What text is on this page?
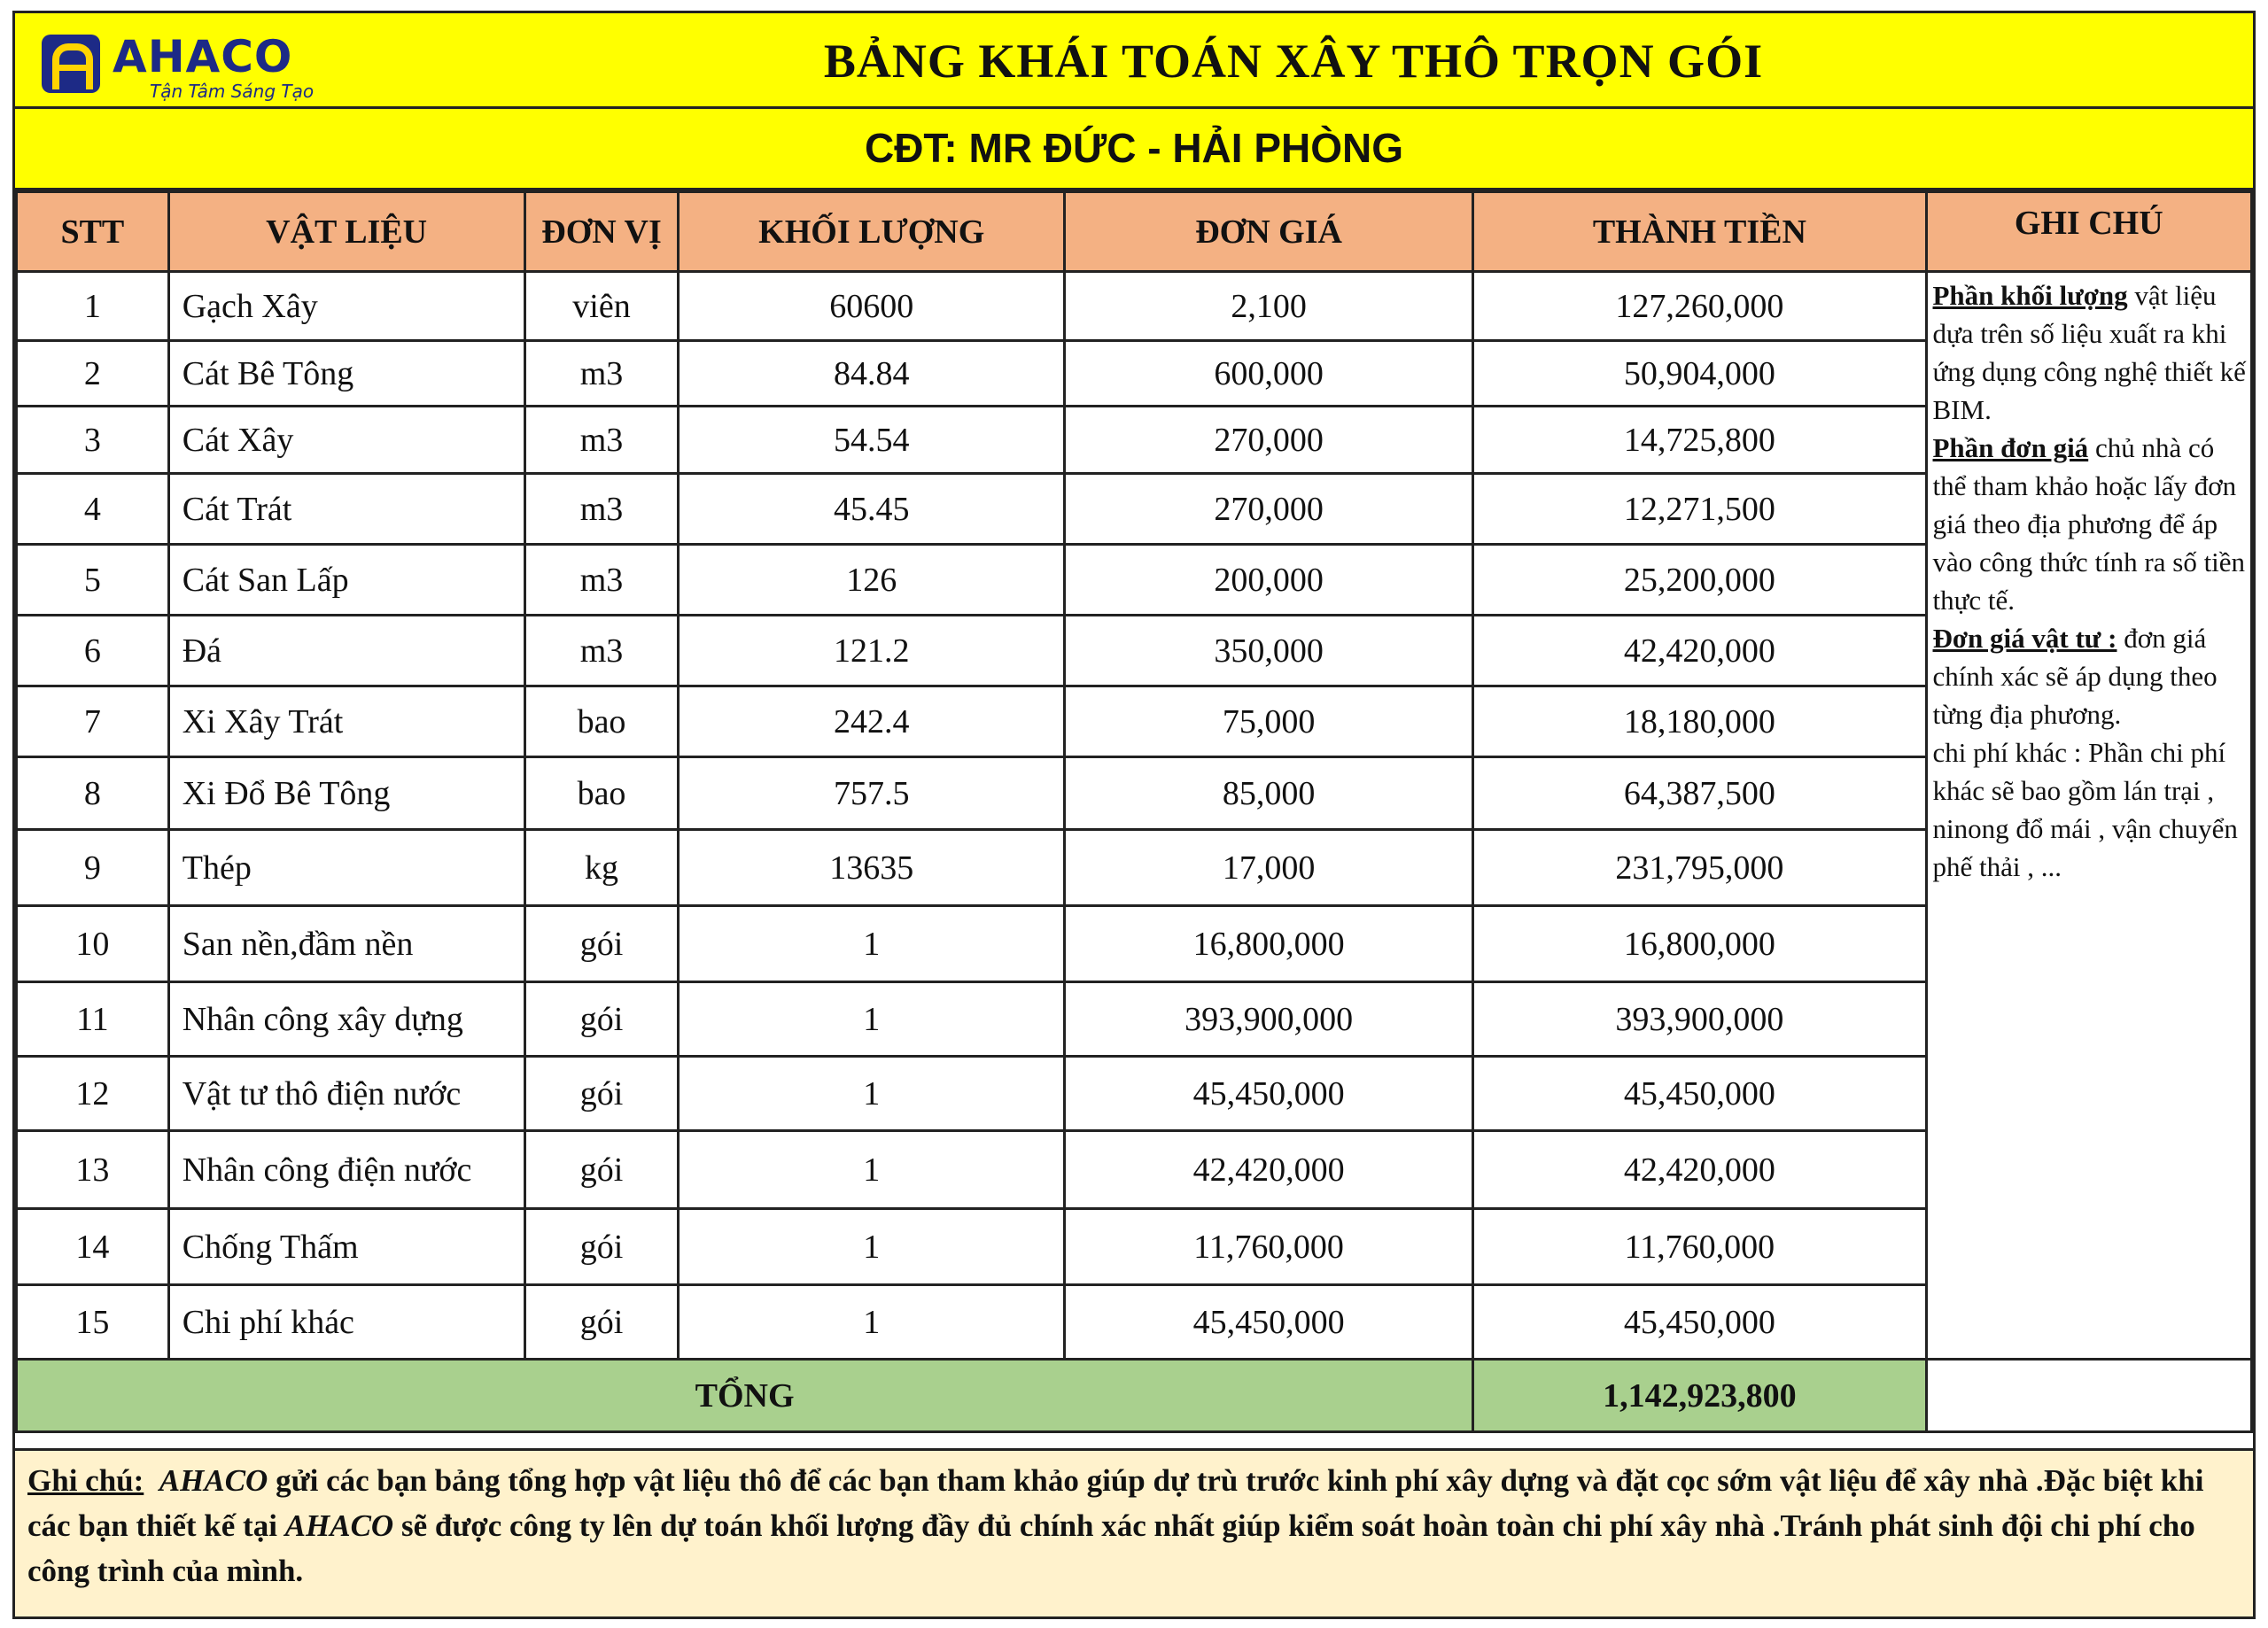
AHACO
Tận Tâm Sáng Tạo
BẢNG KHÁI TOÁN XÂY THÔ TRỌN GÓI
CĐT: MR ĐỨC - HẢI PHÒNG
STT	VẬT LIỆU	ĐƠN VỊ	KHỐI LƯỢNG	ĐƠN GIÁ	THÀNH TIỀN	GHI CHÚ
1	Gạch Xây	viên	60600	2,100	127,260,000	Phần khối lượng vật liệu dựa trên số liệu xuất ra khi ứng dụng công nghệ thiết kế BIM.
Phần đơn giá chủ nhà có thể tham khảo hoặc lấy đơn giá theo địa phương để áp vào công thức tính ra số tiền thực tế.
Đơn giá vật tư : đơn giá chính xác sẽ áp dụng theo từng địa phương.
chi phí khác : Phần chi phí khác sẽ bao gồm lán trại , ninong đổ mái , vận chuyển phế thải , ...
2	Cát Bê Tông	m3	84.84	600,000	50,904,000	
3	Cát Xây	m3	54.54	270,000	14,725,800	
4	Cát Trát	m3	45.45	270,000	12,271,500	
5	Cát San Lấp	m3	126	200,000	25,200,000	
6	Đá	m3	121.2	350,000	42,420,000	
7	Xi Xây Trát	bao	242.4	75,000	18,180,000	
8	Xi Đổ Bê Tông	bao	757.5	85,000	64,387,500	
9	Thép	kg	13635	17,000	231,795,000	
10	San nền,đầm nền	gói	1	16,800,000	16,800,000	
11	Nhân công xây dựng	gói	1	393,900,000	393,900,000	
12	Vật tư thô điện nước	gói	1	45,450,000	45,450,000	
13	Nhân công điện nước	gói	1	42,420,000	42,420,000	
14	Chống Thấm	gói	1	11,760,000	11,760,000	
15	Chi phí khác	gói	1	45,450,000	45,450,000	
TỔNG					1,142,923,800	
Ghi chú: AHACO gửi các bạn bảng tổng hợp vật liệu thô để các bạn tham khảo giúp dự trù trước kinh phí xây dựng và đặt cọc sớm vật liệu để xây nhà .Đặc biệt khi các bạn thiết kế tại AHACO sẽ được công ty lên dự toán khối lượng đầy đủ chính xác nhất giúp kiểm soát hoàn toàn chi phí xây nhà .Tránh phát sinh đội chi phí cho công trình của mình.
